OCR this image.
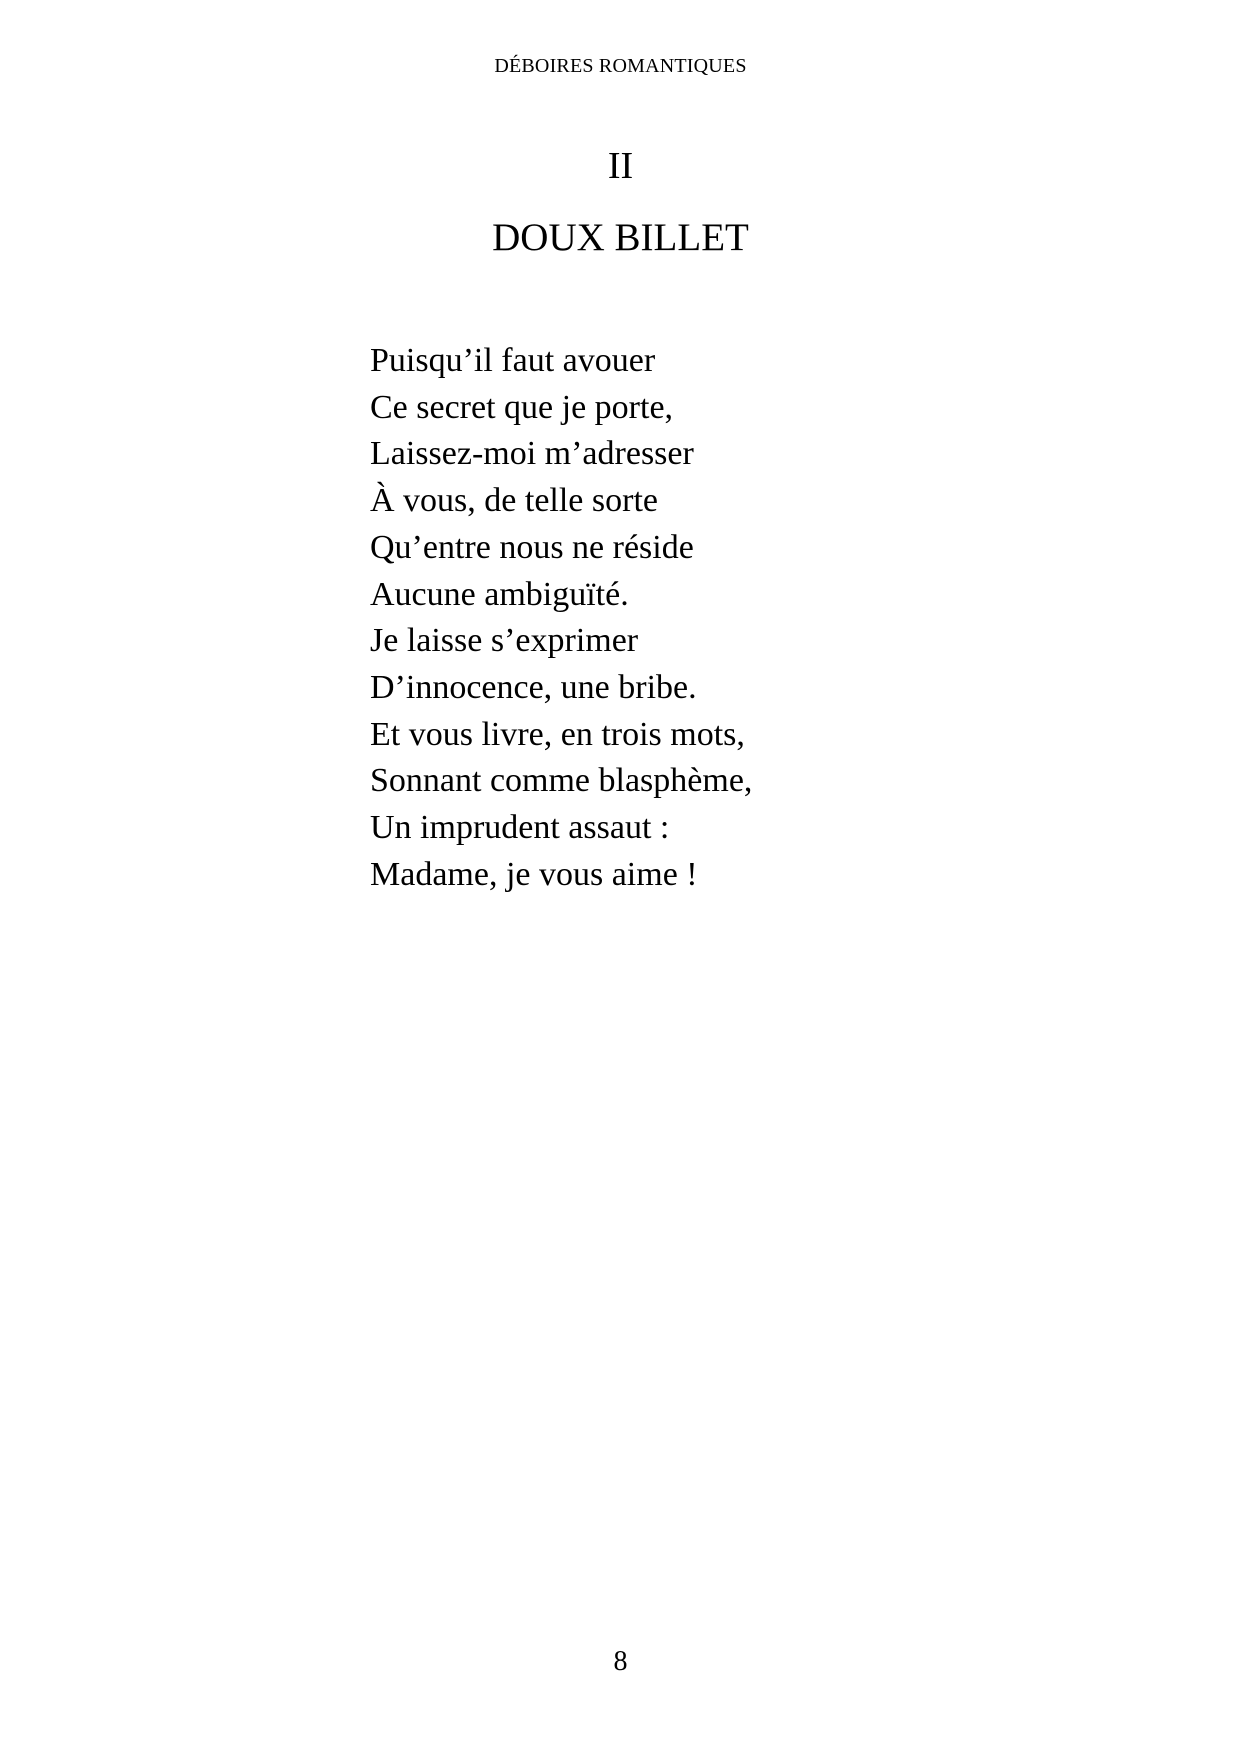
DÉBOIRES ROMANTIQUES
II
DOUX BILLET
Puisqu’il faut avouer
Ce secret que je porte,
Laissez-moi m’adresser
À vous, de telle sorte
Qu’entre nous ne réside
Aucune ambiguïté.
Je laisse s’exprimer
D’innocence, une bribe.
Et vous livre, en trois mots,
Sonnant comme blasphème,
Un imprudent assaut :
Madame, je vous aime !
8
